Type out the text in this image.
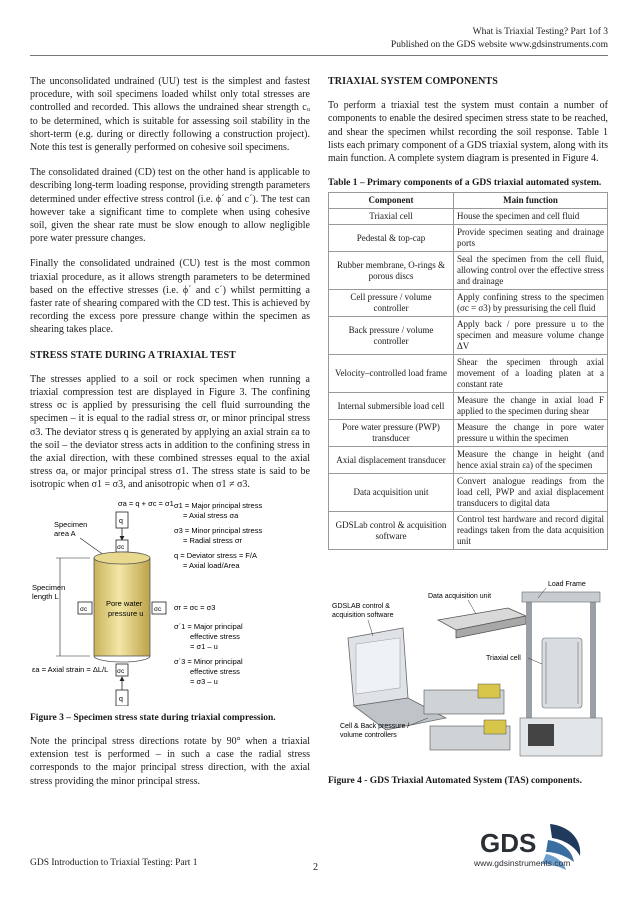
What is Triaxial Testing? Part 1of 3
Published on the GDS website www.gdsinstruments.com

The unconsolidated undrained (UU) test is the simplest and fastest procedure, with soil specimens loaded whilst only total stresses are controlled and recorded. This allows the undrained shear strength cᵤ to be determined, which is suitable for assessing soil stability in the short-term (e.g. during or directly following a construction project). Note this test is generally performed on cohesive soil specimens.

The consolidated drained (CD) test on the other hand is applicable to describing long-term loading response, providing strength parameters determined under effective stress control (i.e. ϕ´ and c´). The test can however take a significant time to complete when using cohesive soil, given the shear rate must be slow enough to allow negligible pore water pressure changes.

Finally the consolidated undrained (CU) test is the most common triaxial procedure, as it allows strength parameters to be determined based on the effective stresses (i.e. ϕ´ and c´) whilst permitting a faster rate of shearing compared with the CD test. This is achieved by recording the excess pore pressure change within the specimen as shearing takes place.

STRESS STATE DURING A TRIAXIAL TEST

The stresses applied to a soil or rock specimen when running a triaxial compression test are displayed in Figure 3. The confining stress σc is applied by pressurising the cell fluid surrounding the specimen – it is equal to the radial stress σr, or minor principal stress σ3. The deviator stress q is generated by applying an axial strain εa to the soil – the deviator stress acts in addition to the confining stress in the axial direction, with these combined stresses equal to the axial stress σa, or major principal stress σ1. The stress state is said to be isotropic when σ1 = σ3, and anisotropic when σ1 ≠ σ3.

σa = q + σc = σ1
q
σc
Specimen
area A
Specimen
length L
σc	σc
Pore water
pressure u
σc
q
εa = Axial strain = ΔL/L
σ1 = Major principal stress
= Axial stress σa
σ3 = Minor principal stress
= Radial stress σr
q = Deviator stress = F/A
= Axial load/Area
σr = σc = σ3
σ´1 = Major principal
effective stress
= σ1 – u
σ´3 = Minor principal
effective stress
= σ3 – u
Figure 3 – Specimen stress state during triaxial compression.

Note the principal stress directions rotate by 90° when a triaxial extension test is performed – in such a case the radial stress corresponds to the major principal stress direction, with the axial stress providing the minor principal stress.

TRIAXIAL SYSTEM COMPONENTS

To perform a triaxial test the system must contain a number of components to enable the desired specimen stress state to be reached, and shear the specimen whilst recording the soil response. Table 1 lists each primary component of a GDS triaxial system, along with its main function. A complete system diagram is presented in Figure 4.

Table 1 – Primary components of a GDS triaxial automated system.
Component	Main function
Triaxial cell	House the specimen and cell fluid
Pedestal & top-cap	Provide specimen seating and drainage ports
Rubber membrane, O-rings & porous discs	Seal the specimen from the cell fluid, allowing control over the effective stress and drainage
Cell pressure / volume controller	Apply confining stress to the specimen (σc = σ3) by pressurising the cell fluid
Back pressure / volume controller	Apply back / pore pressure u to the specimen and measure volume change ΔV
Velocity–controlled load frame	Shear the specimen through axial movement of a loading platen at a constant rate
Internal submersible load cell	Measure the change in axial load F applied to the specimen during shear
Pore water pressure (PWP) transducer	Measure the change in pore water pressure u within the specimen
Axial displacement transducer	Measure the change in height (and hence axial strain εa) of the specimen
Data acquisition unit	Convert analogue readings from the load cell, PWP and axial displacement transducers to digital data
GDSLab control & acquisition software	Control test hardware and record digital readings taken from the data acquisition unit
Load Frame
Data acquisition unit
GDSLAB control &
acquisition software
Triaxial cell
Cell & Back pressure /
volume controllers
Figure 4 - GDS Triaxial Automated System (TAS) components.
GDS Introduction to Triaxial Testing: Part 1	2
GDS
www.gdsinstruments.com
